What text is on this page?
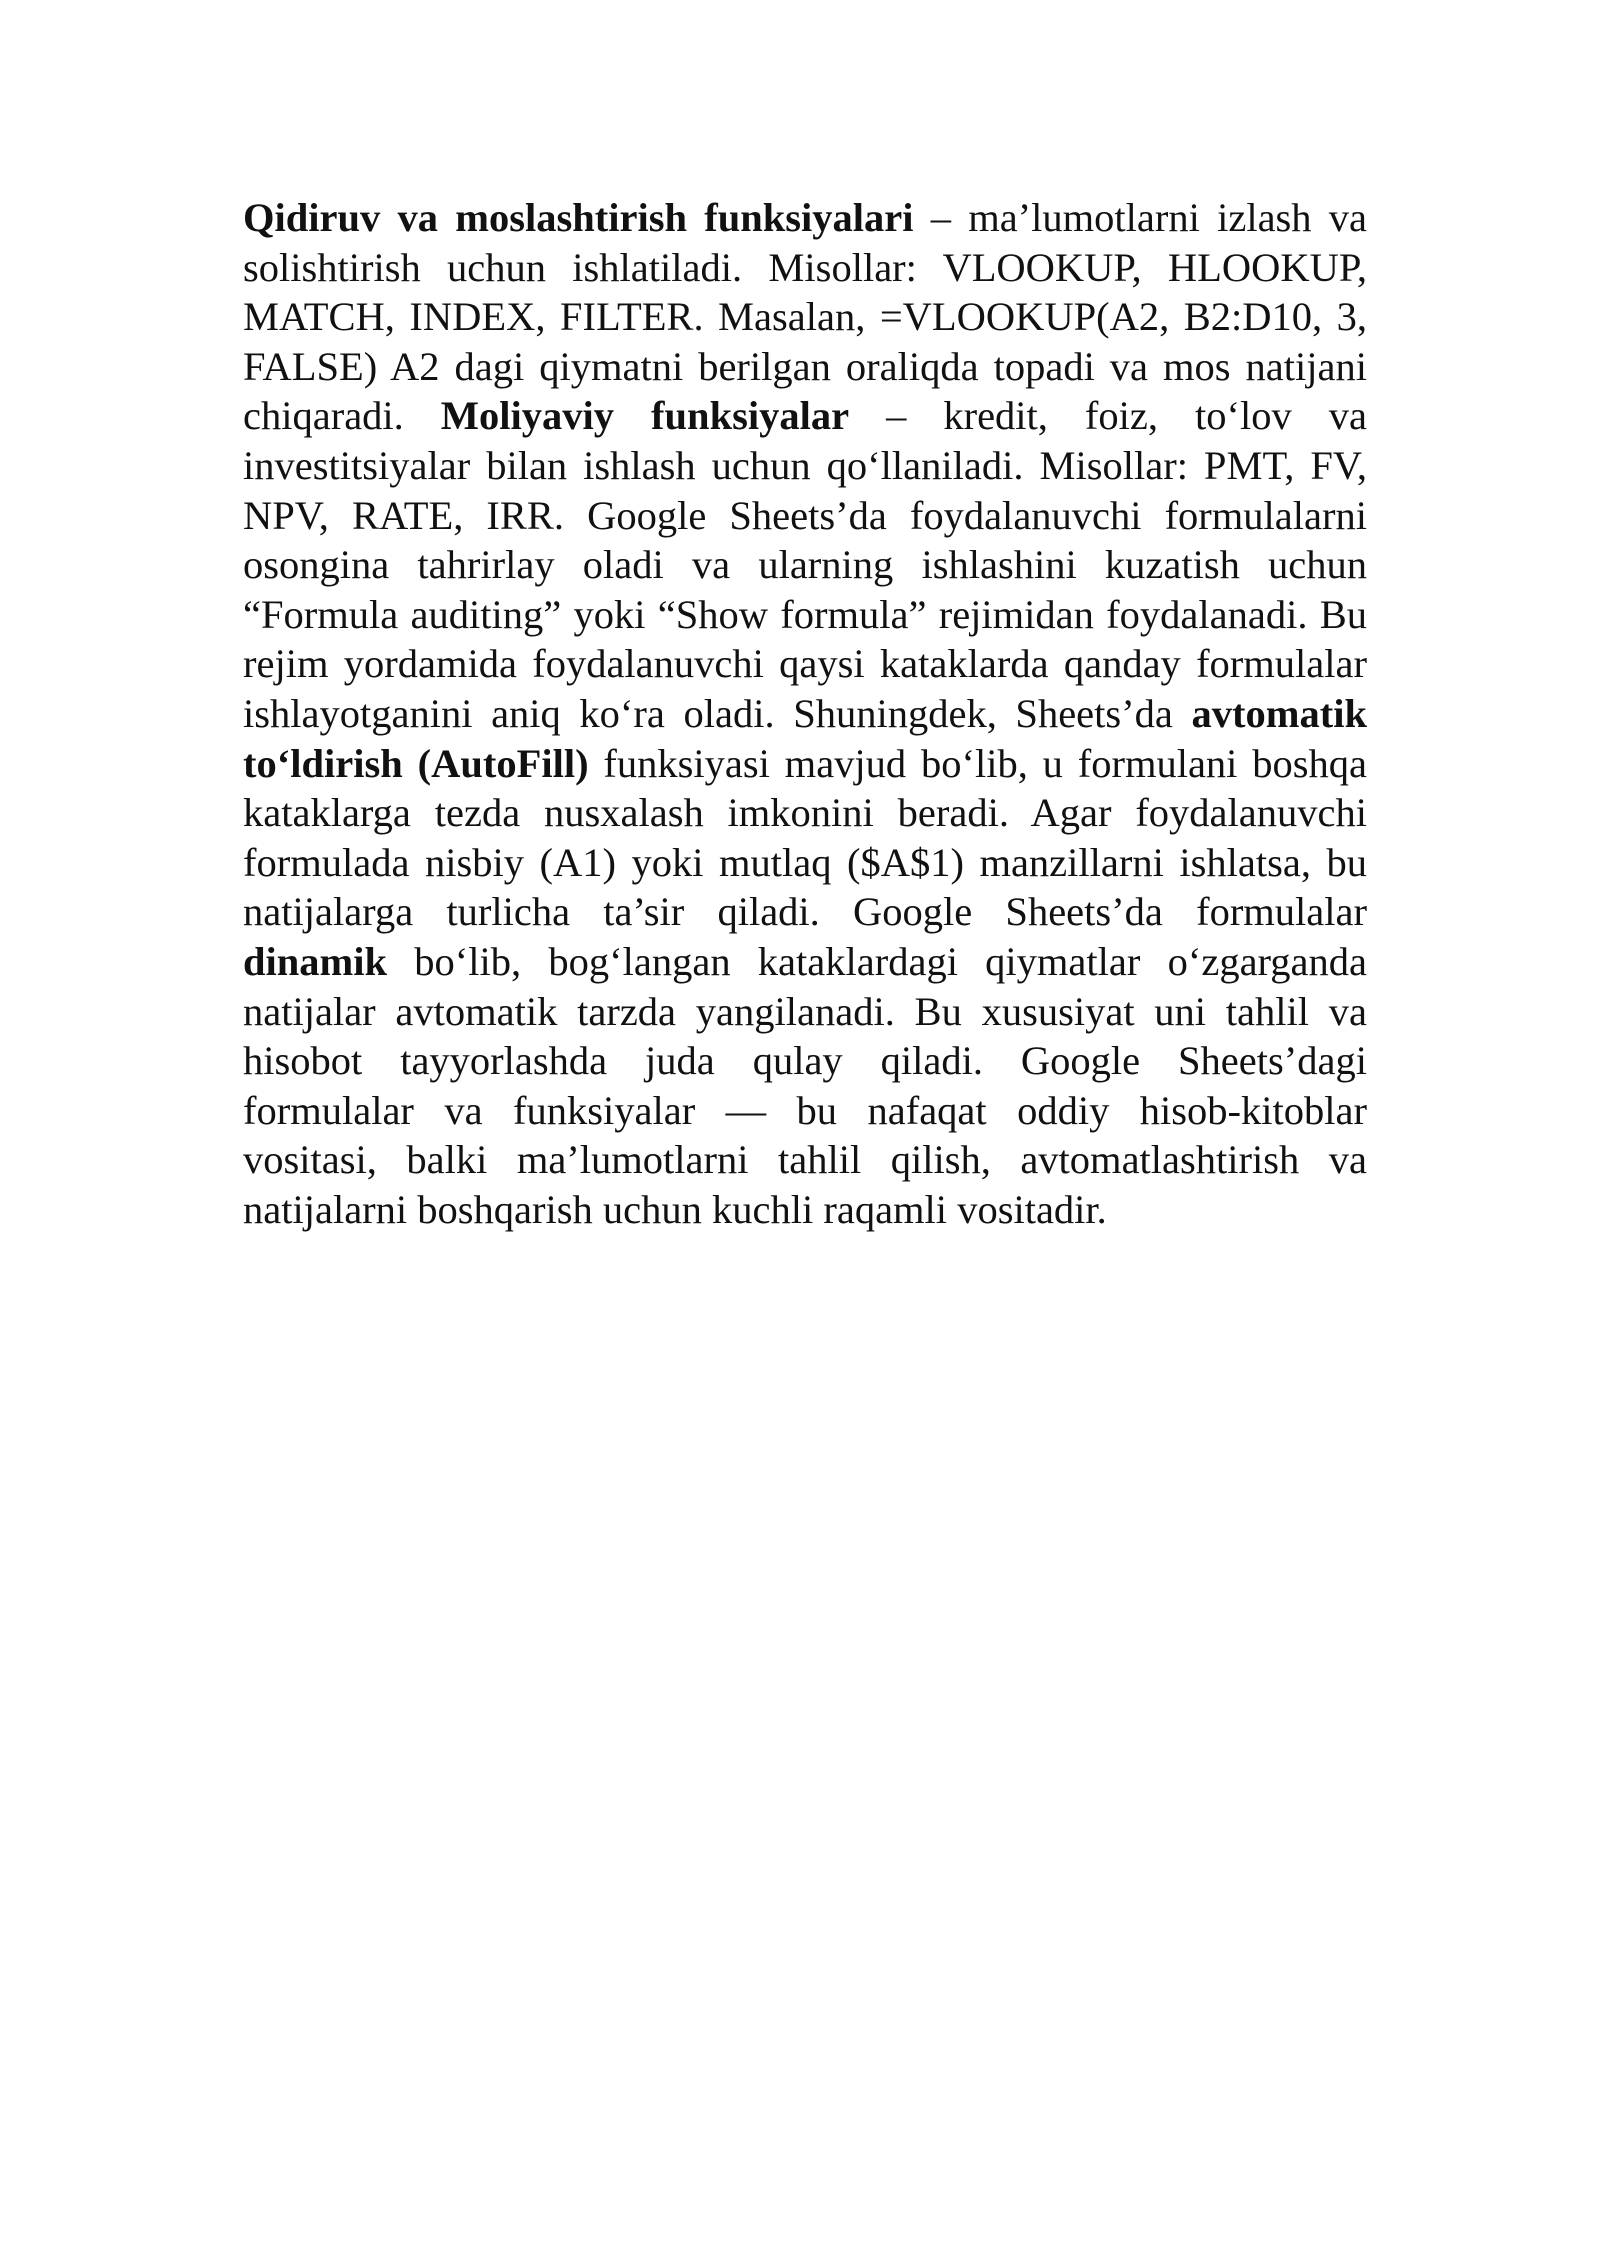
Qidiruv va moslashtirish funksiyalari – ma’lumotlarni izlash va solishtirish uchun ishlatiladi. Misollar: VLOOKUP, HLOOKUP, MATCH, INDEX, FILTER. Masalan, =VLOOKUP(A2, B2:D10, 3, FALSE) A2 dagi qiymatni berilgan oraliqda topadi va mos natijani chiqaradi. Moliyaviy funksiyalar – kredit, foiz, to‘lov va investitsiyalar bilan ishlash uchun qo‘llaniladi. Misollar: PMT, FV, NPV, RATE, IRR. Google Sheets’da foydalanuvchi formulalarni osongina tahrirlay oladi va ularning ishlashini kuzatish uchun “Formula auditing” yoki “Show formula” rejimidan foydalanadi. Bu rejim yordamida foydalanuvchi qaysi kataklarda qanday formulalar ishlayotganini aniq ko‘ra oladi. Shuningdek, Sheets’da avtomatik to‘ldirish (AutoFill) funksiyasi mavjud bo‘lib, u formulani boshqa kataklarga tezda nusxalash imkonini beradi. Agar foydalanuvchi formulada nisbiy (A1) yoki mutlaq ($A$1) manzillarni ishlatsa, bu natijalarga turlicha ta’sir qiladi. Google Sheets’da formulalar dinamik bo‘lib, bog‘langan kataklardagi qiymatlar o‘zgarganda natijalar avtomatik tarzda yangilanadi. Bu xususiyat uni tahlil va hisobot tayyorlashda juda qulay qiladi. Google Sheets’dagi formulalar va funksiyalar — bu nafaqat oddiy hisob-kitoblar vositasi, balki ma’lumotlarni tahlil qilish, avtomatlashtirish va natijalarni boshqarish uchun kuchli raqamli vositadir.
